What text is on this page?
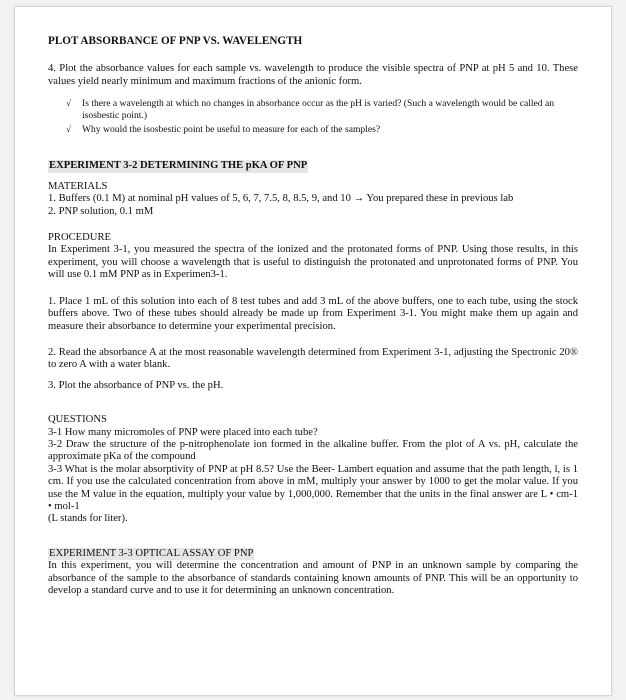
PLOT ABSORBANCE OF PNP VS. WAVELENGTH

4. Plot the absorbance values for each sample vs. wavelength to produce the visible spectra of PNP at pH 5 and 10. These values yield nearly minimum and maximum fractions of the anionic form.

√	Is there a wavelength at which no changes in absorbance occur as the pH is varied? (Such a wavelength would be called an isosbestic point.)
√	Why would the isosbestic point be useful to measure for each of the samples?
EXPERIMENT 3-2 DETERMINING THE pKA OF PNP
MATERIALS
1. Buffers (0.1 M) at nominal pH values of 5, 6, 7, 7.5, 8, 8.5, 9, and 10 → You prepared these in previous lab
2. PNP solution, 0.1 mM
PROCEDURE

In Experiment 3-1, you measured the spectra of the ionized and the protonated forms of PNP. Using those results, in this experiment, you will choose a wavelength that is useful to distinguish the protonated and unprotonated forms of PNP. You will use 0.1 mM PNP as in Experimen3-1.

1. Place 1 mL of this solution into each of 8 test tubes and add 3 mL of the above buffers, one to each tube, using the stock buffers above. Two of these tubes should already be made up from Experiment 3-1. You might make them up again and measure their absorbance to determine your experimental precision.

2. Read the absorbance A at the most reasonable wavelength determined from Experiment 3-1, adjusting the Spectronic 20® to zero A with a water blank.

3. Plot the absorbance of PNP vs. the pH.

QUESTIONS

3-1 How many micromoles of PNP were placed into each tube?

3-2 Draw the structure of the p-nitrophenolate ion formed in the alkaline buffer. From the plot of A vs. pH, calculate the approximate pKa of the compound

3-3 What is the molar absorptivity of PNP at pH 8.5? Use the Beer- Lambert equation and assume that the path length, l, is 1 cm. If you use the calculated concentration from above in mM, multiply your answer by 1000 to get the molar value. If you use the M value in the equation, multiply your value by 1,000,000. Remember that the units in the final answer are L • cm-1 • mol-1

(L stands for liter).

EXPERIMENT 3-3 OPTICAL ASSAY OF PNP

In this experiment, you will determine the concentration and amount of PNP in an unknown sample by comparing the absorbance of the sample to the absorbance of standards containing known amounts of PNP. This will be an opportunity to develop a standard curve and to use it for determining an unknown concentration.
